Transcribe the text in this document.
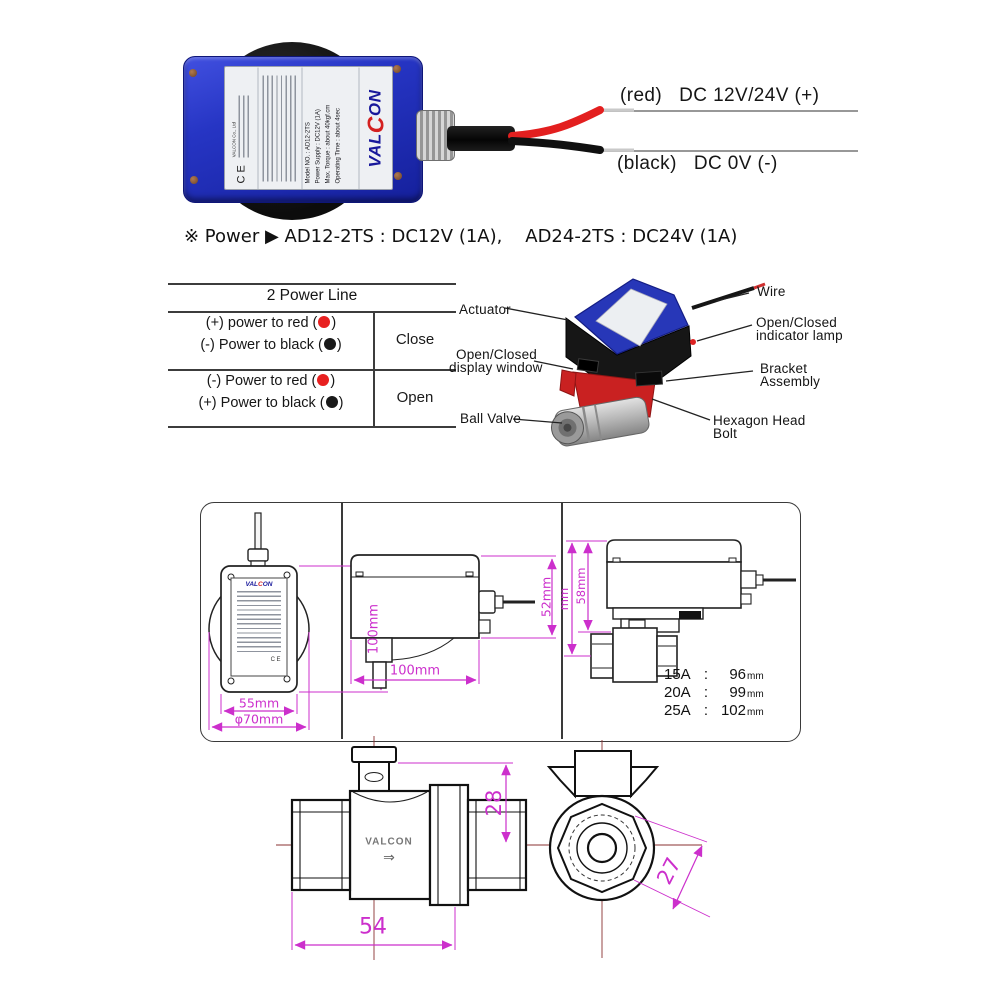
CE
VALCON Co., Ltd	Model NO. : AD12-2TS Power Supply : DC12V (1A) Max. Torque : about 40kgf.cm Operating Time : about 4sec VAL
C
ON	(red)   DC 12V/24V (+)
(black)   DC 0V (-)
※ Power ▶ AD12-2TS : DC12V (1A),    AD24-2TS : DC24V (1A)
2 Power Line
(+) power to red ( )
(-) Power to black ( )	Close
(-) Power to red ( )
(+) Power to black ( )	Open
Actuator
Open/Closed
display window
Ball Valve
Wire
Open/Closed
indicator lamp
Bracket
Assembly
Hexagon Head
Bolt
VALCON
CE
100mm
55mm
φ70mm
100mm
52mm 58mm
mm
15A :	96 mm
20A :	99 mm
25A : 102 mm
VALCON
⇒
28
54
27
